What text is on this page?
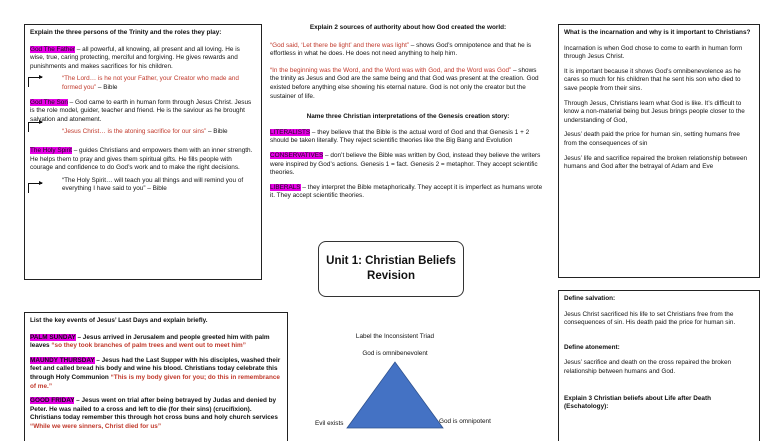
Explain the three persons of the Trinity and the roles they play:

God The Father – all powerful, all knowing, all present and all loving. He is wise, true, caring protecting, merciful and forgiving. He gives rewards and punishments and makes sacrifices for his children.

“The Lord… is he not your Father, your Creator who made and formed you” – Bible

God The Son – God came to earth in human form through Jesus Christ. Jesus is the role model, guider, teacher and friend. He is the saviour as he brought salvation and atonement.

“Jesus Christ… is the atoning sacrifice for our sins” – Bible

The Holy Spirit – guides Christians and empowers them with an inner strength. He helps them to pray and gives them spiritual gifts. He fills people with courage and confidence to do God’s work and to make the right decisions.

“The Holy Spirit… will teach you all things and will remind you of everything I have said to you” – Bible

Explain 2 sources of authority about how God created the world:

“God said, ‘Let there be light’ and there was light” – shows God’s omnipotence and that he is effortless in what he does. He does not need anything to help him.

“In the beginning was the Word, and the Word was with God, and the Word was God” – shows the trinity as Jesus and God are the same being and that God was present at the creation. God existed before anything else showing his eternal nature. God is not only the creator but the sustainer of life.

Name three Christian interpretations of the Genesis creation story:

LITERALISTS – they believe that the Bible is the actual word of God and that Genesis 1 + 2 should be taken literally. They reject scientific theories like the Big Bang and Evolution

CONSERVATIVES – don’t believe the Bible was written by God, instead they believe the writers were inspired by God’s actions. Genesis 1 = fact. Genesis 2 = metaphor. They accept scientific theories.

LIBERALS – they interpret the Bible metaphorically. They accept it is imperfect as humans wrote it. They accept scientific theories.

What is the incarnation and why is it important to Christians?

Incarnation is when God chose to come to earth in human form through Jesus Christ.

It is important because it shows God’s omnibenevolence as he cares so much for his children that he sent his son who died to save people from their sins.

Through Jesus, Christians learn what God is like. It’s difficult to know a non-material being but Jesus brings people closer to the understanding of God,

Jesus’ death paid the price for human sin, setting humans free from the consequences of sin

Jesus’ life and sacrifice repaired the broken relationship between humans and God after the betrayal of Adam and Eve

Unit 1: Christian Beliefs
Revision
Label the Inconsistent Triad
God is omnibenevolent
Evil exists	God is omnipotent

List the key events of Jesus’ Last Days and explain briefly.

PALM SUNDAY – Jesus arrived in Jerusalem and people greeted him with palm leaves “so they took branches of palm trees and went out to meet him”

MAUNDY THURSDAY – Jesus had the Last Supper with his disciples, washed their feet and called bread his body and wine his blood. Christians today celebrate this through Holy Communion “This is my body given for you; do this in remembrance of me.”

GOOD FRIDAY – Jesus went on trial after being betrayed by Judas and denied by Peter. He was nailed to a cross and left to die (for their sins) (crucifixion). Christians today remember this through hot cross buns and holy church services “While we were sinners, Christ died for us”

Define salvation:

Jesus Christ sacrificed his life to set Christians free from the consequences of sin. His death paid the price for human sin.

Define atonement:

Jesus’ sacrifice and death on the cross repaired the broken relationship between humans and God.

Explain 3 Christian beliefs about Life after Death (Eschatology):
